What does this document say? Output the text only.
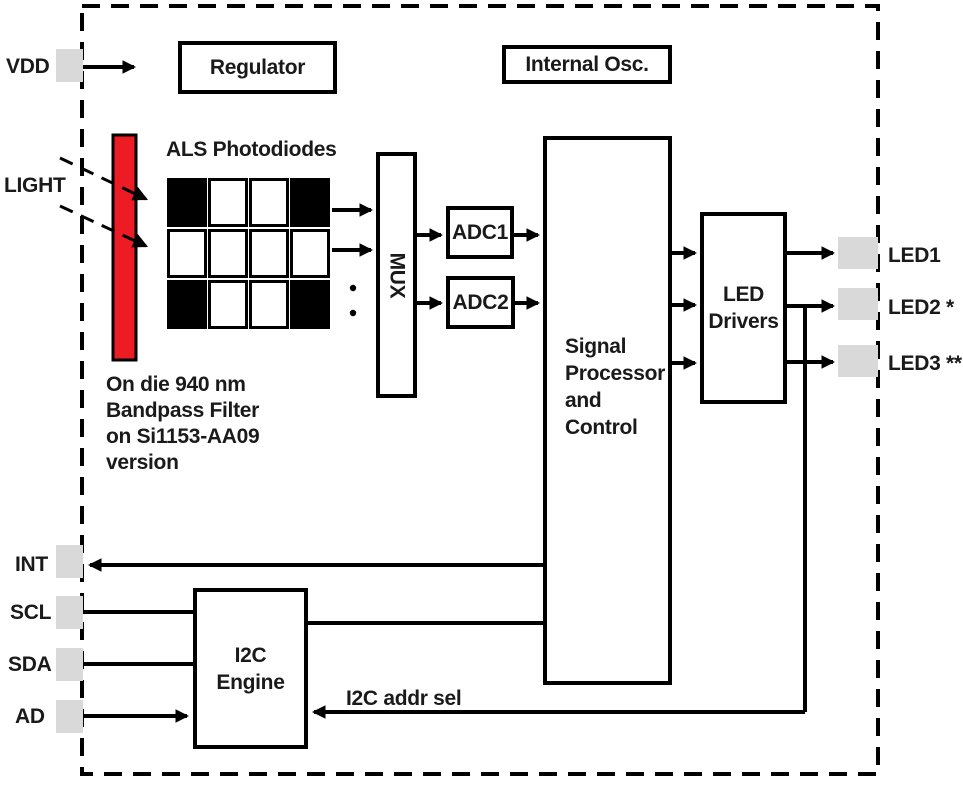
VDD
LIGHT
INT
SCL
SDA
AD
LED1
LED2 *
LED3 **
ALS Photodiodes
I2C addr sel
On die 940 nm
Bandpass Filter
on Si1153-AA09
version
Regulator	Internal Osc.
MUX
ADC1
ADC2
Signal
Processor
and
Control
LED
Drivers
I2C
Engine
